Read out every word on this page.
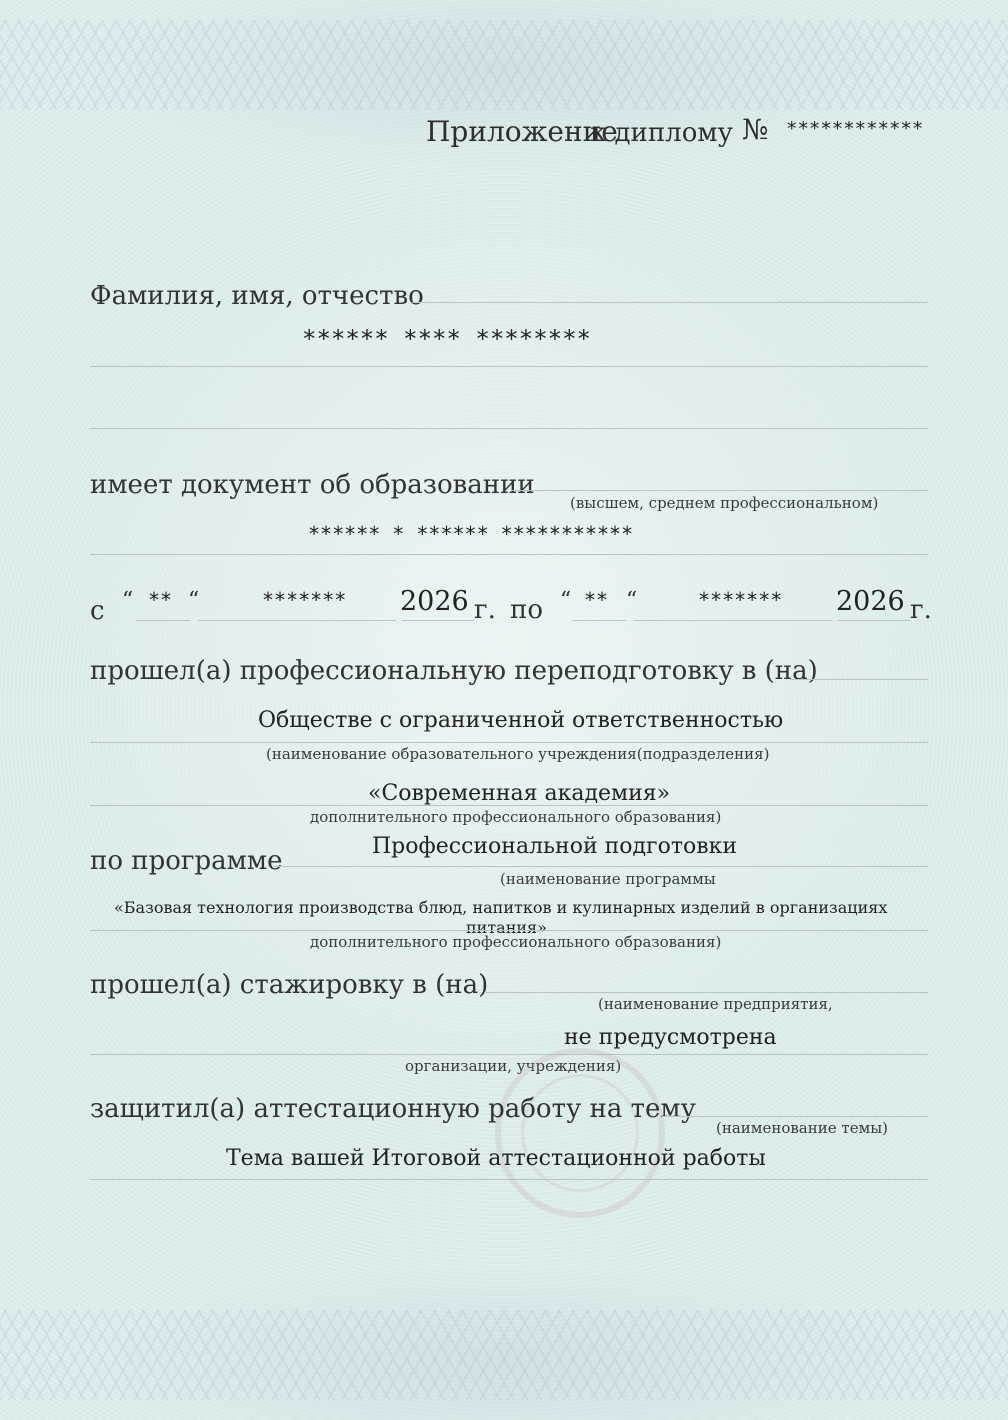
Приложение
к диплому № ************
Фамилия, имя, отчество
****** **** ********
имеет документ об образовании
(высшем, среднем профессиональном)
****** * ****** ***********
с “ ** “	******* 2026 г. по “ ** “	******* 2026 г.
прошел(а) профессиональную переподготовку в (на)
Обществе с ограниченной ответственностью
(наименование образовательного учреждения(подразделения)
«Современная академия»
дополнительного профессионального образования)
по программе	Профессиональной подготовки
(наименование программы
«Базовая технология производства блюд, напитков и кулинарных изделий в организациях
питания»
дополнительного профессионального образования)
прошел(а) стажировку в (на)
(наименование предприятия,
не предусмотрена
организации, учреждения)
защитил(а) аттестационную работу на тему
(наименование темы)
Тема вашей Итоговой аттестационной работы
